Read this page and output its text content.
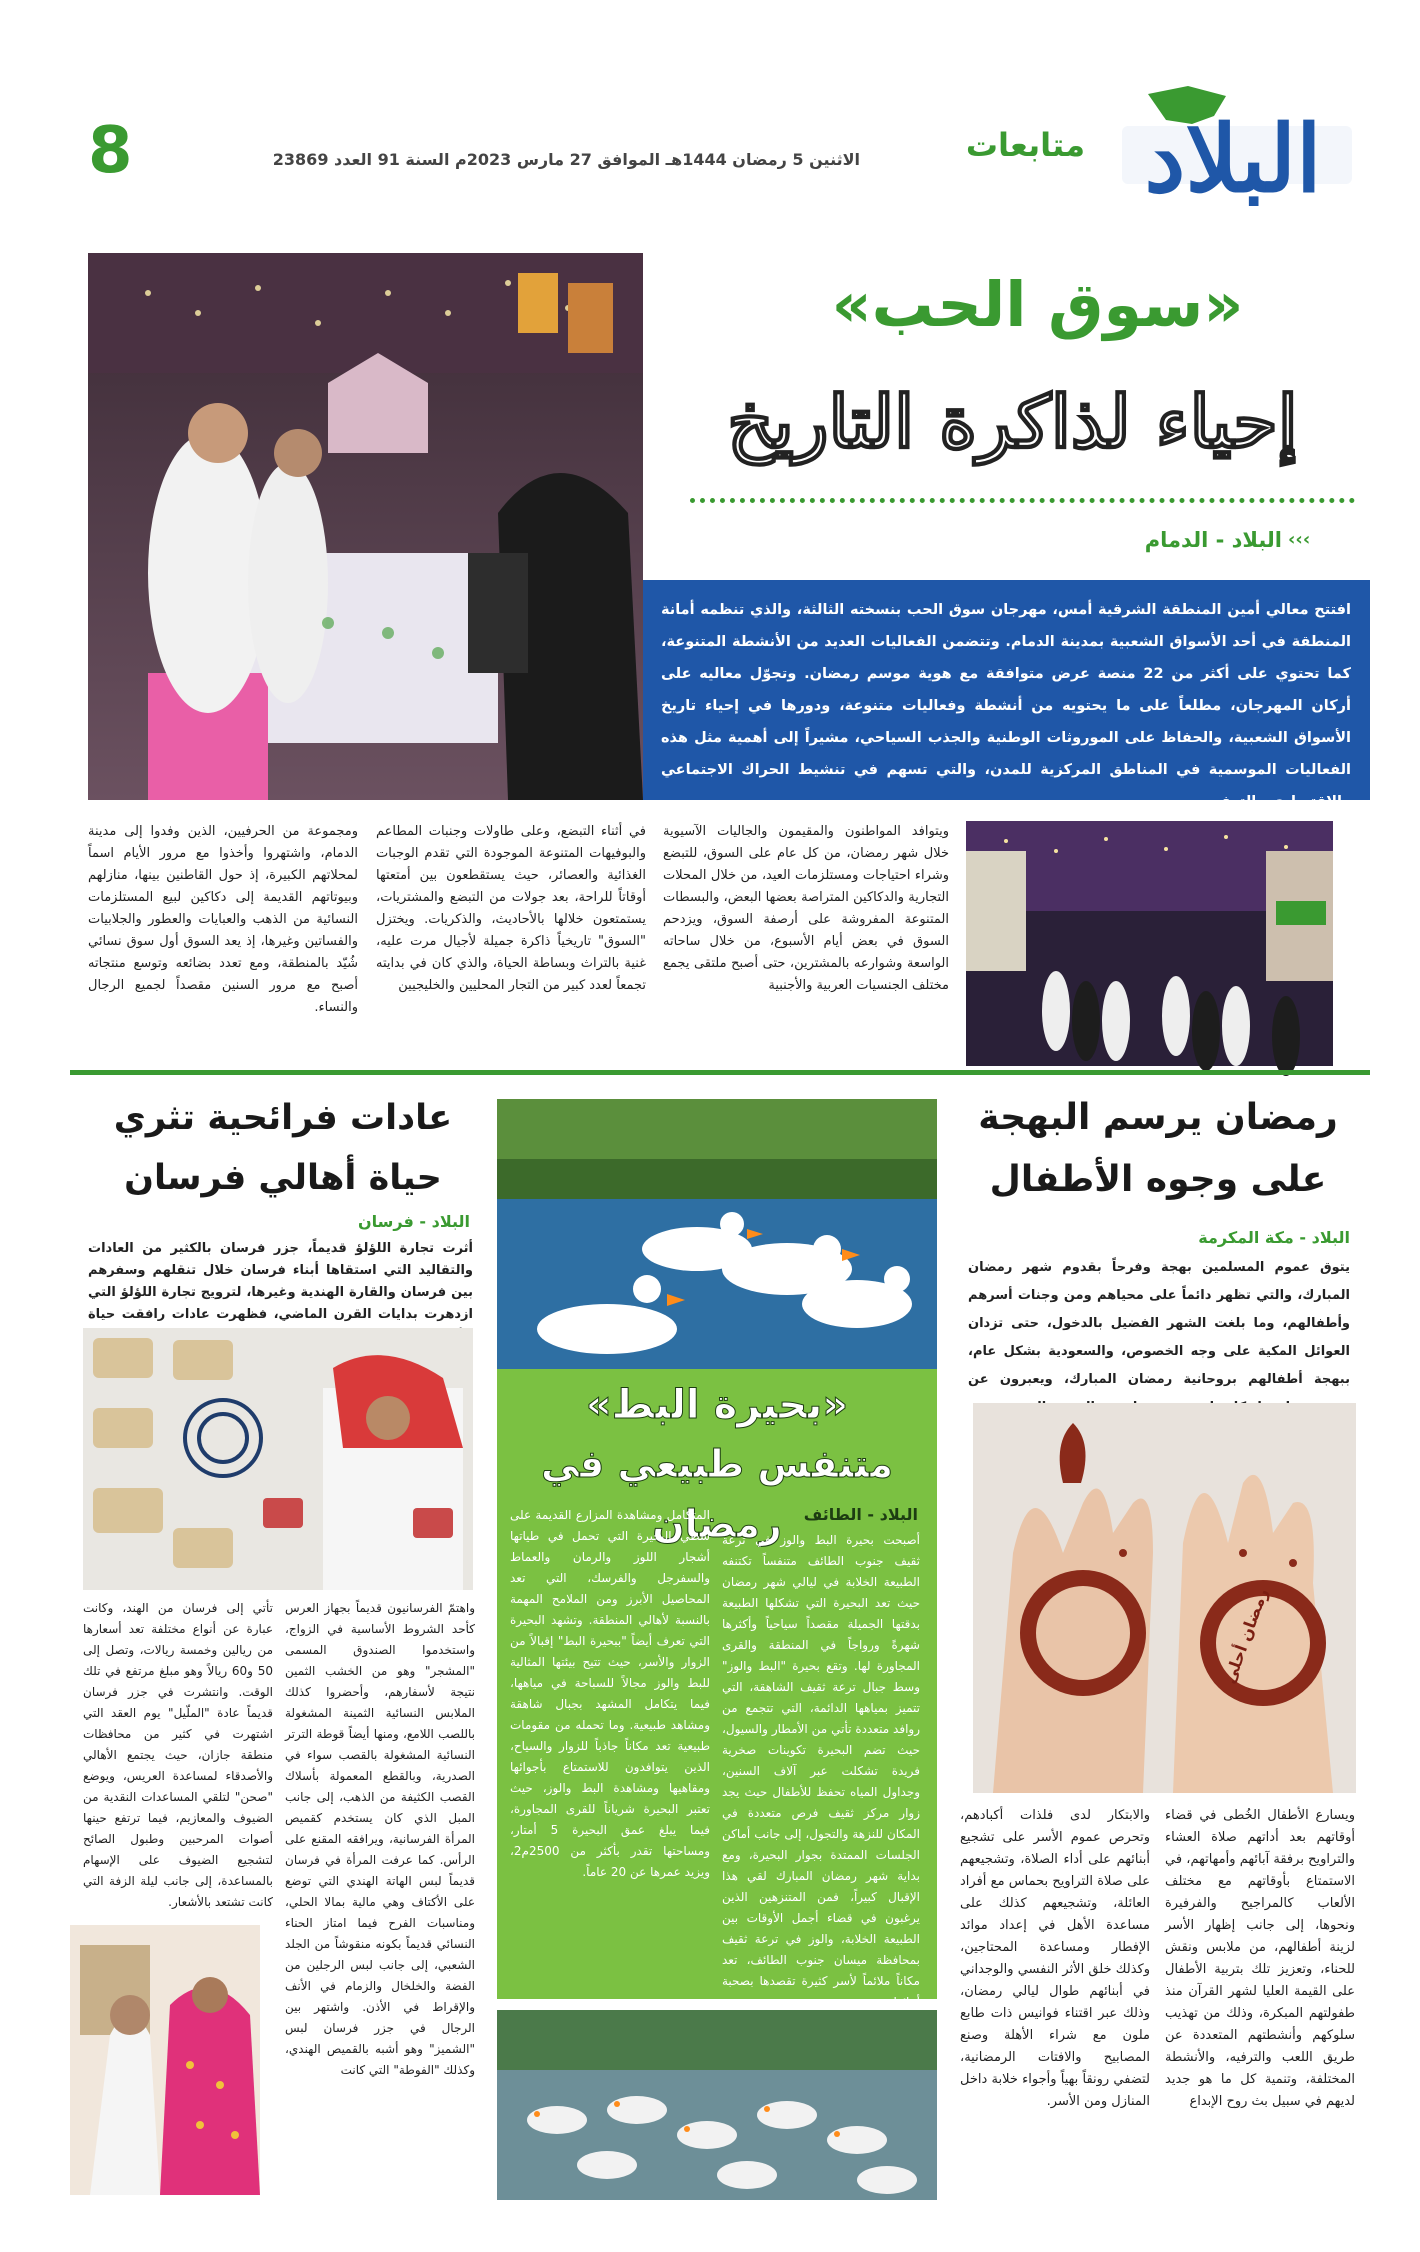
البلاد
متابعات
الاثنين 5 رمضان 1444هـ الموافق 27 مارس 2023م السنة 91 العدد 23869
8
«سوق الحب»
إحياء لذاكرة التاريخ
‹‹‹
البلاد - الدمام
افتتح معالي أمين المنطقة الشرقية أمس، مهرجان سوق الحب بنسخته الثالثة، والذي تنظمه أمانة المنطقة في أحد الأسواق الشعبية بمدينة الدمام. وتتضمن الفعاليات العديد من الأنشطة المتنوعة، كما تحتوي على أكثر من 22 منصة عرض متوافقة مع هوية موسم رمضان. وتجوّل معاليه على أركان المهرجان، مطلعاً على ما يحتويه من أنشطة وفعاليات متنوعة، ودورها في إحياء تاريخ الأسواق الشعبية، والحفاظ على الموروثات الوطنية والجذب السياحي، مشيراً إلى أهمية مثل هذه الفعاليات الموسمية في المناطق المركزية للمدن، والتي تسهم في تنشيط الحراك الاجتماعي والاقتصادي والترفيهي.
ويتوافد المواطنون والمقيمون والجاليات الآسيوية خلال شهر رمضان، من كل عام على السوق، للتبضع وشراء احتياجات ومستلزمات العيد، من خلال المحلات التجارية والدكاكين المتراصة بعضها البعض، والبسطات المتنوعة المفروشة على أرصفة السوق، ويزدحم السوق في بعض أيام الأسبوع، من خلال ساحاته الواسعة وشوارعه بالمشترين، حتى أصبح ملتقى يجمع مختلف الجنسيات العربية والأجنبية
في أثناء التبضع، وعلى طاولات وجنبات المطاعم والبوفيهات المتنوعة الموجودة التي تقدم الوجبات الغذائية والعصائر، حيث يستقطعون بين أمتعتها أوقاتاً للراحة، بعد جولات من التبضع والمشتريات، يستمتعون خلالها بالأحاديث، والذكريات. ويختزل "السوق" تاريخياً ذاكرة جميلة لأجيال مرت عليه، غنية بالتراث وبساطة الحياة، والذي كان في بدايته تجمعاً لعدد كبير من التجار المحليين والخليجيين
ومجموعة من الحرفيين، الذين وفدوا إلى مدينة الدمام، واشتهروا وأخذوا مع مرور الأيام اسماً لمحلاتهم الكبيرة، إذ حول القاطنين بينها، منازلهم وبيوتاتهم القديمة إلى دكاكين لبيع المستلزمات النسائية من الذهب والعبايات والعطور والجلابيات والفساتين وغيرها، إذ يعد السوق أول سوق نسائي شُيّد بالمنطقة، ومع تعدد بضائعه وتوسع منتجاته أصبح مع مرور السنين مقصداً لجميع الرجال والنساء.
رمضان يرسم البهجة
على وجوه الأطفال
البلاد - مكة المكرمة
يتوق عموم المسلمين بهجة وفرحاً بقدوم شهر رمضان المبارك، والتي تظهر دائماً على محياهم ومن وجنات أسرهم وأطفالهم، وما بلغت الشهر الفضيل بالدخول، حتى تزدان العوائل المكية على وجه الخصوص، والسعودية بشكل عام، ببهجة أطفالهم بروحانية رمضان المبارك، ويعبرون عن
رمضان أحلى
ويسارع الأطفال الخُطى في قضاء أوقاتهم بعد أداتهم صلاة العشاء والتراويح برفقة آبائهم وأمهاتهم، في الاستمتاع بأوقاتهم مع مختلف الألعاب كالمراجيح والفرفيرة ونحوها، إلى جانب إظهار الأسر لزينة أطفالهم، من ملابس ونقش للحناء، وتعزيز تلك بتربية الأطفال على القيمة العليا لشهر القرآن منذ طفولتهم المبكرة، وذلك من تهذيب سلوكهم وأنشطتهم المتعددة عن طريق اللعب والترفيه، والأنشطة المختلفة، وتنمية كل ما هو جديد لديهم في سبيل بث روح الإبداع
والابتكار لدى فلذات أكبادهم، وتحرص عموم الأسر على تشجيع أبنائهم على أداء الصلاة، وتشجيعهم على صلاة التراويح بحماس مع أفراد العائلة، وتشجيعهم كذلك على مساعدة الأهل في إعداد موائد الإفطار ومساعدة المحتاجين، وكذلك خلق الأثر النفسي والوجداني في أبنائهم طوال ليالي رمضان، وذلك عبر اقتناء فوانيس ذات طابع ملون مع شراء الأهلة وصنع المصابيح والافتات الرمضانية، لتضفي رونقاً بهياً وأجواء خلابة داخل المنازل ومن الأسر.
«بحيرة البط»
متنفس طبيعي في رمضان	البلاد - الطائف
أصبحت بحيرة البط والوز في ترعة ثقيف جنوب الطائف متنفساً تكتنفه الطبيعة الخلابة في ليالي شهر رمضان حيث تعد البحيرة التي تشكلها الطبيعة بدقتها الجميلة مقصداً سياحياً وأكثرها شهرةً ورواجاً في المنطقة والقرى المجاورة لها. وتقع بحيرة "البط والوز" وسط جبال ترعة ثقيف الشاهقة، التي تتميز بمياهها الدائمة، التي تتجمع من روافد متعددة تأتي من الأمطار والسيول، حيث تضم البحيرة تكوينات صخرية فريدة تشكلت عبر آلاف السنين، وجداول المياه تحفظ للأطفال حيث يجد زوار مركز ثقيف فرص متعددة في المكان للنزهة والتجول، إلى جانب أماكن الجلسات الممتدة بجوار البحيرة، ومع بداية شهر رمضان المبارك لقي هذا الإقبال كبيراً، فمن المتنزهين الذين يرغبون في قضاء أجمل الأوقات بين الطبيعة الخلابة، والوز في ترعة ثقيف بمحافظة ميسان جنوب الطائف، تعد مكاناً ملائماً لأسر كثيرة تقصدها بصحبة أبنائها.
المتكامل ومشاهدة المزارع القديمة على شطي البحيرة التي تحمل في طياتها أشجار اللوز والرمان والعماط والسفرجل والفرسك، التي تعد المحاصيل الأبرز ومن الملامح المهمة بالنسبة لأهالي المنطقة. وتشهد البحيرة التي تعرف أيضاً "ببحيرة البط" إقبالاً من الزوار والأسر، حيث تتيح بيئتها المثالية للبط والوز مجالاً للسباحة في مياهها، فيما يتكامل المشهد بجبال شاهقة ومشاهد طبيعية. وما تحمله من مقومات طبيعية تعد مكاناً جاذباً للزوار والسياح، الذين يتوافدون للاستمتاع بأجوائها ومقاهيها ومشاهدة البط والوز، حيث تعتبر البحيرة شرياناً للقرى المجاورة، فيما يبلغ عمق البحيرة 5 أمتار، ومساحتها تقدر بأكثر من 2500م2، ويزيد عمرها عن 20 عاماً.
عادات فرائحية تثري
حياة أهالي فرسان
البلاد - فرسان
أثرت تجارة اللؤلؤ قديماً، جزر فرسان بالكثير من العادات والتقاليد التي استقاها أبناء فرسان خلال تنقلهم وسفرهم بين فرسان والقارة الهندية وغيرها، لترويج تجارة اللؤلؤ التي ازدهرت بدايات القرن الماضي، فظهرت عادات رافقت حياة
واهتمّ الفرسانيون قديماً بجهاز العرس كأحد الشروط الأساسية في الزواج، واستخدموا الصندوق المسمى "المشجر" وهو من الخشب الثمين نتيجة لأسفارهم، وأحضروا كذلك الملابس النسائية الثمينة المشغولة باللصب اللامع، ومنها أيضاً قوطة الترتر النسائية المشغولة بالقصب سواء في الصدرية، وبالقطع المعمولة بأسلاك القصب الكثيفة من الذهب، إلى جانب المبل الذي كان يستخدم كقميص المرأة الفرسانية، ويرافقه المقنع على الرأس. كما عرفت المرأة في فرسان قديماً لبس الهاتة الهندي التي توضع على الأكتاف وهي مالية بمالا الحلي، ومناسبات الفرح فيما امتاز الحناء النسائي قديماً بكونه منقوشاً من الجلد الشعبي، إلى جانب لبس الرجلين من الفضة والخلخال والزمام في الأنف والإقراط في الأذن. واشتهر بين الرجال في جزر فرسان لبس "الشميز" وهو أشبه بالقميص الهندي، وكذلك "الفوطة" التي كانت
تأتي إلى فرسان من الهند، وكانت عبارة عن أنواع مختلفة تعد أسعارها من ريالين وخمسة ريالات، وتصل إلى 50 و60 ريالاً وهو مبلغ مرتفع في تلك الوقت. وانتشرت في جزر فرسان قديماً عادة "الملّيل" يوم العقد التي اشتهرت في كثير من محافظات منطقة جازان، حيث يجتمع الأهالي والأصدقاء لمساعدة العريس، ويوضع "صحن" لتلقي المساعدات النقدية من الضيوف والمعازيم، فيما ترتفع حينها أصوات المرحبين وطبول الصائح لتشجيع الضيوف على الإسهام بالمساعدة، إلى جانب ليلة الزفة التي كانت تشتعد بالأشعار.
